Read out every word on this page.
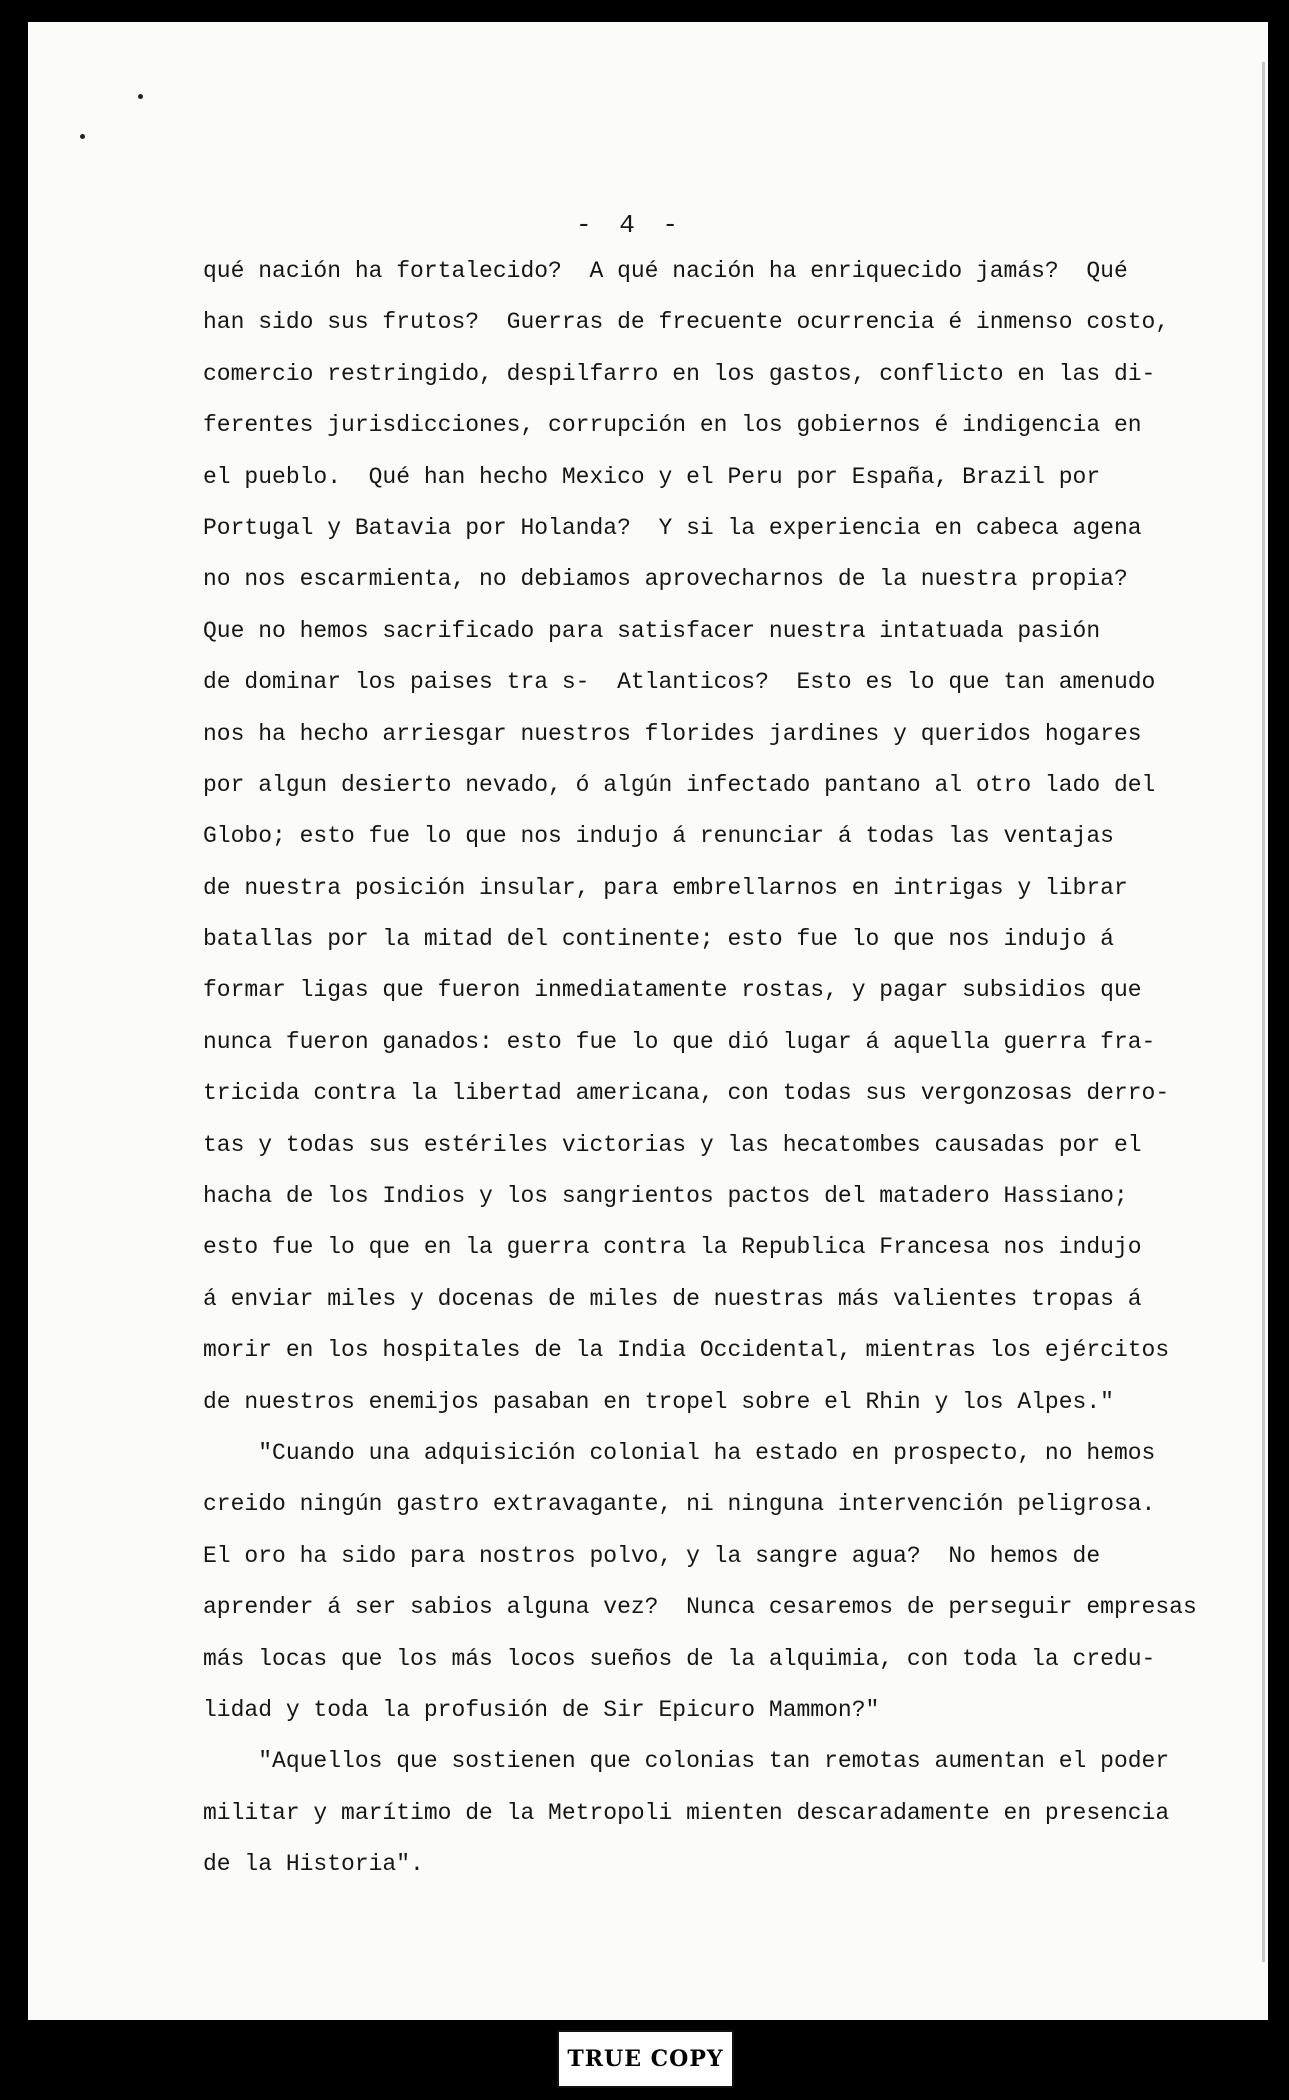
- 4 -
qué nación ha fortalecido?  A qué nación ha enriquecido jamás?  Qué
han sido sus frutos?  Guerras de frecuente ocurrencia é inmenso costo,
comercio restringido, despilfarro en los gastos, conflicto en las di-
ferentes jurisdicciones, corrupción en los gobiernos é indigencia en
el pueblo.  Qué han hecho Mexico y el Peru por España, Brazil por
Portugal y Batavia por Holanda?  Y si la experiencia en cabeca agena
no nos escarmienta, no debiamos aprovecharnos de la nuestra propia?
Que no hemos sacrificado para satisfacer nuestra intatuada pasión
de dominar los paises tra s-  Atlanticos?  Esto es lo que tan amenudo
nos ha hecho arriesgar nuestros florides jardines y queridos hogares
por algun desierto nevado, ó algún infectado pantano al otro lado del
Globo; esto fue lo que nos indujo á renunciar á todas las ventajas
de nuestra posición insular, para embrellarnos en intrigas y librar
batallas por la mitad del continente; esto fue lo que nos indujo á
formar ligas que fueron inmediatamente rostas, y pagar subsidios que
nunca fueron ganados: esto fue lo que dió lugar á aquella guerra fra-
tricida contra la libertad americana, con todas sus vergonzosas derro-
tas y todas sus estériles victorias y las hecatombes causadas por el
hacha de los Indios y los sangrientos pactos del matadero Hassiano;
esto fue lo que en la guerra contra la Republica Francesa nos indujo
á enviar miles y docenas de miles de nuestras más valientes tropas á
morir en los hospitales de la India Occidental, mientras los ejércitos
de nuestros enemijos pasaban en tropel sobre el Rhin y los Alpes."
"Cuando una adquisición colonial ha estado en prospecto, no hemos
creido ningún gastro extravagante, ni ninguna intervención peligrosa.
El oro ha sido para nostros polvo, y la sangre agua?  No hemos de
aprender á ser sabios alguna vez?  Nunca cesaremos de perseguir empresas
más locas que los más locos sueños de la alquimia, con toda la credu-
lidad y toda la profusión de Sir Epicuro Mammon?"
"Aquellos que sostienen que colonias tan remotas aumentan el poder
militar y marítimo de la Metropoli mienten descaradamente en presencia
de la Historia".
TRUE COPY
